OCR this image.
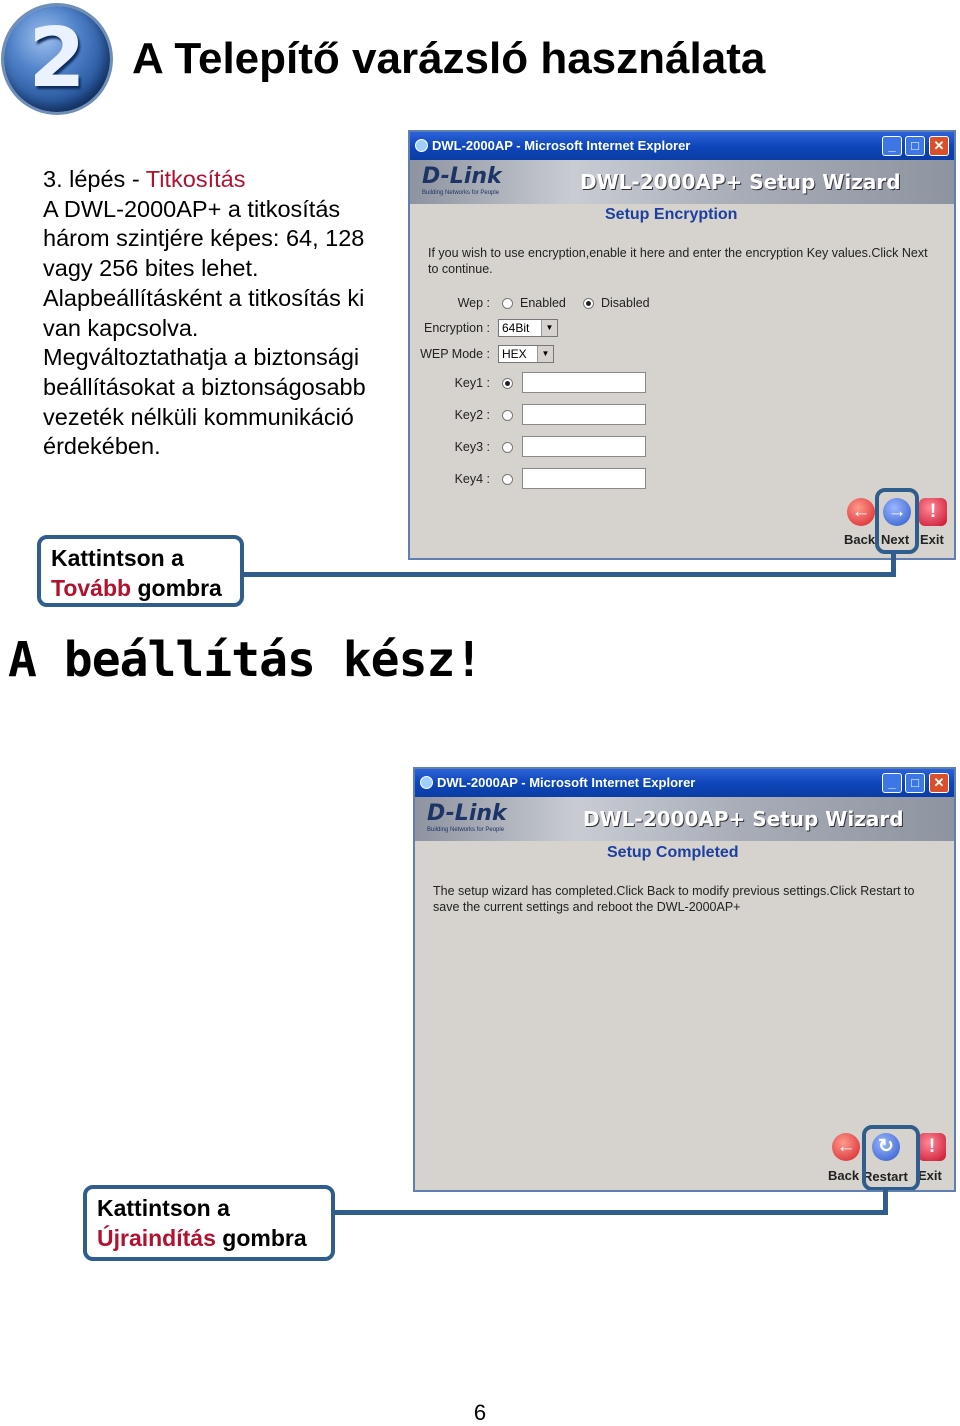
2	A Telepítő varázsló használata
3. lépés - Titkosítás
A DWL-2000AP+ a titkosítás három szintjére képes: 64, 128 vagy 256 bites lehet. Alapbeállításként a titkosítás ki van kapcsolva. Megváltoztathatja a biztonsági beállításokat a biztonságosabb vezeték nélküli kommunikáció érdekében.
DWL-2000AP - Microsoft Internet Explorer	_	□	✕
D-Link
Building Networks for People	DWL-2000AP+ Setup Wizard
Setup Encryption
If you wish to use encryption,enable it here and enter the encryption Key values.Click Next to continue.
Wep : Enabled	Disabled
Encryption :	64Bit	▼
WEP Mode :	HEX	▼
Key1 :
Key2 :
Key3 :
Key4 :
←
Back
→
Next
!
Exit
Kattintson a
Tovább gombra
A beállítás kész!
DWL-2000AP - Microsoft Internet Explorer	_	□	✕
D-Link
Building Networks for People	DWL-2000AP+ Setup Wizard
Setup Completed
The setup wizard has completed.Click Back to modify previous settings.Click Restart to save the current settings and reboot the DWL-2000AP+
←
Back
↻
Restart
!
Exit
Kattintson a
Újraindítás gombra
6
